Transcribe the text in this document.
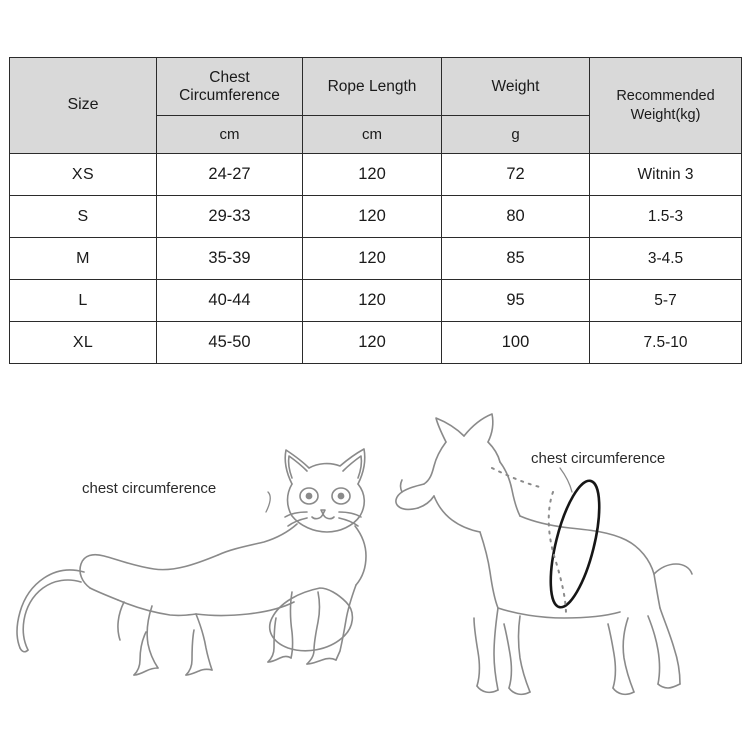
Size	Chest Circumference	Rope Length	Weight	Recommended Weight(kg)
	cm	cm	g	
XS	24-27	120	72	Witnin 3
S	29-33	120	80	1.5-3
M	35-39	120	85	3-4.5
L	40-44	120	95	5-7
XL	45-50	120	100	7.5-10
chest circumference
chest circumference
